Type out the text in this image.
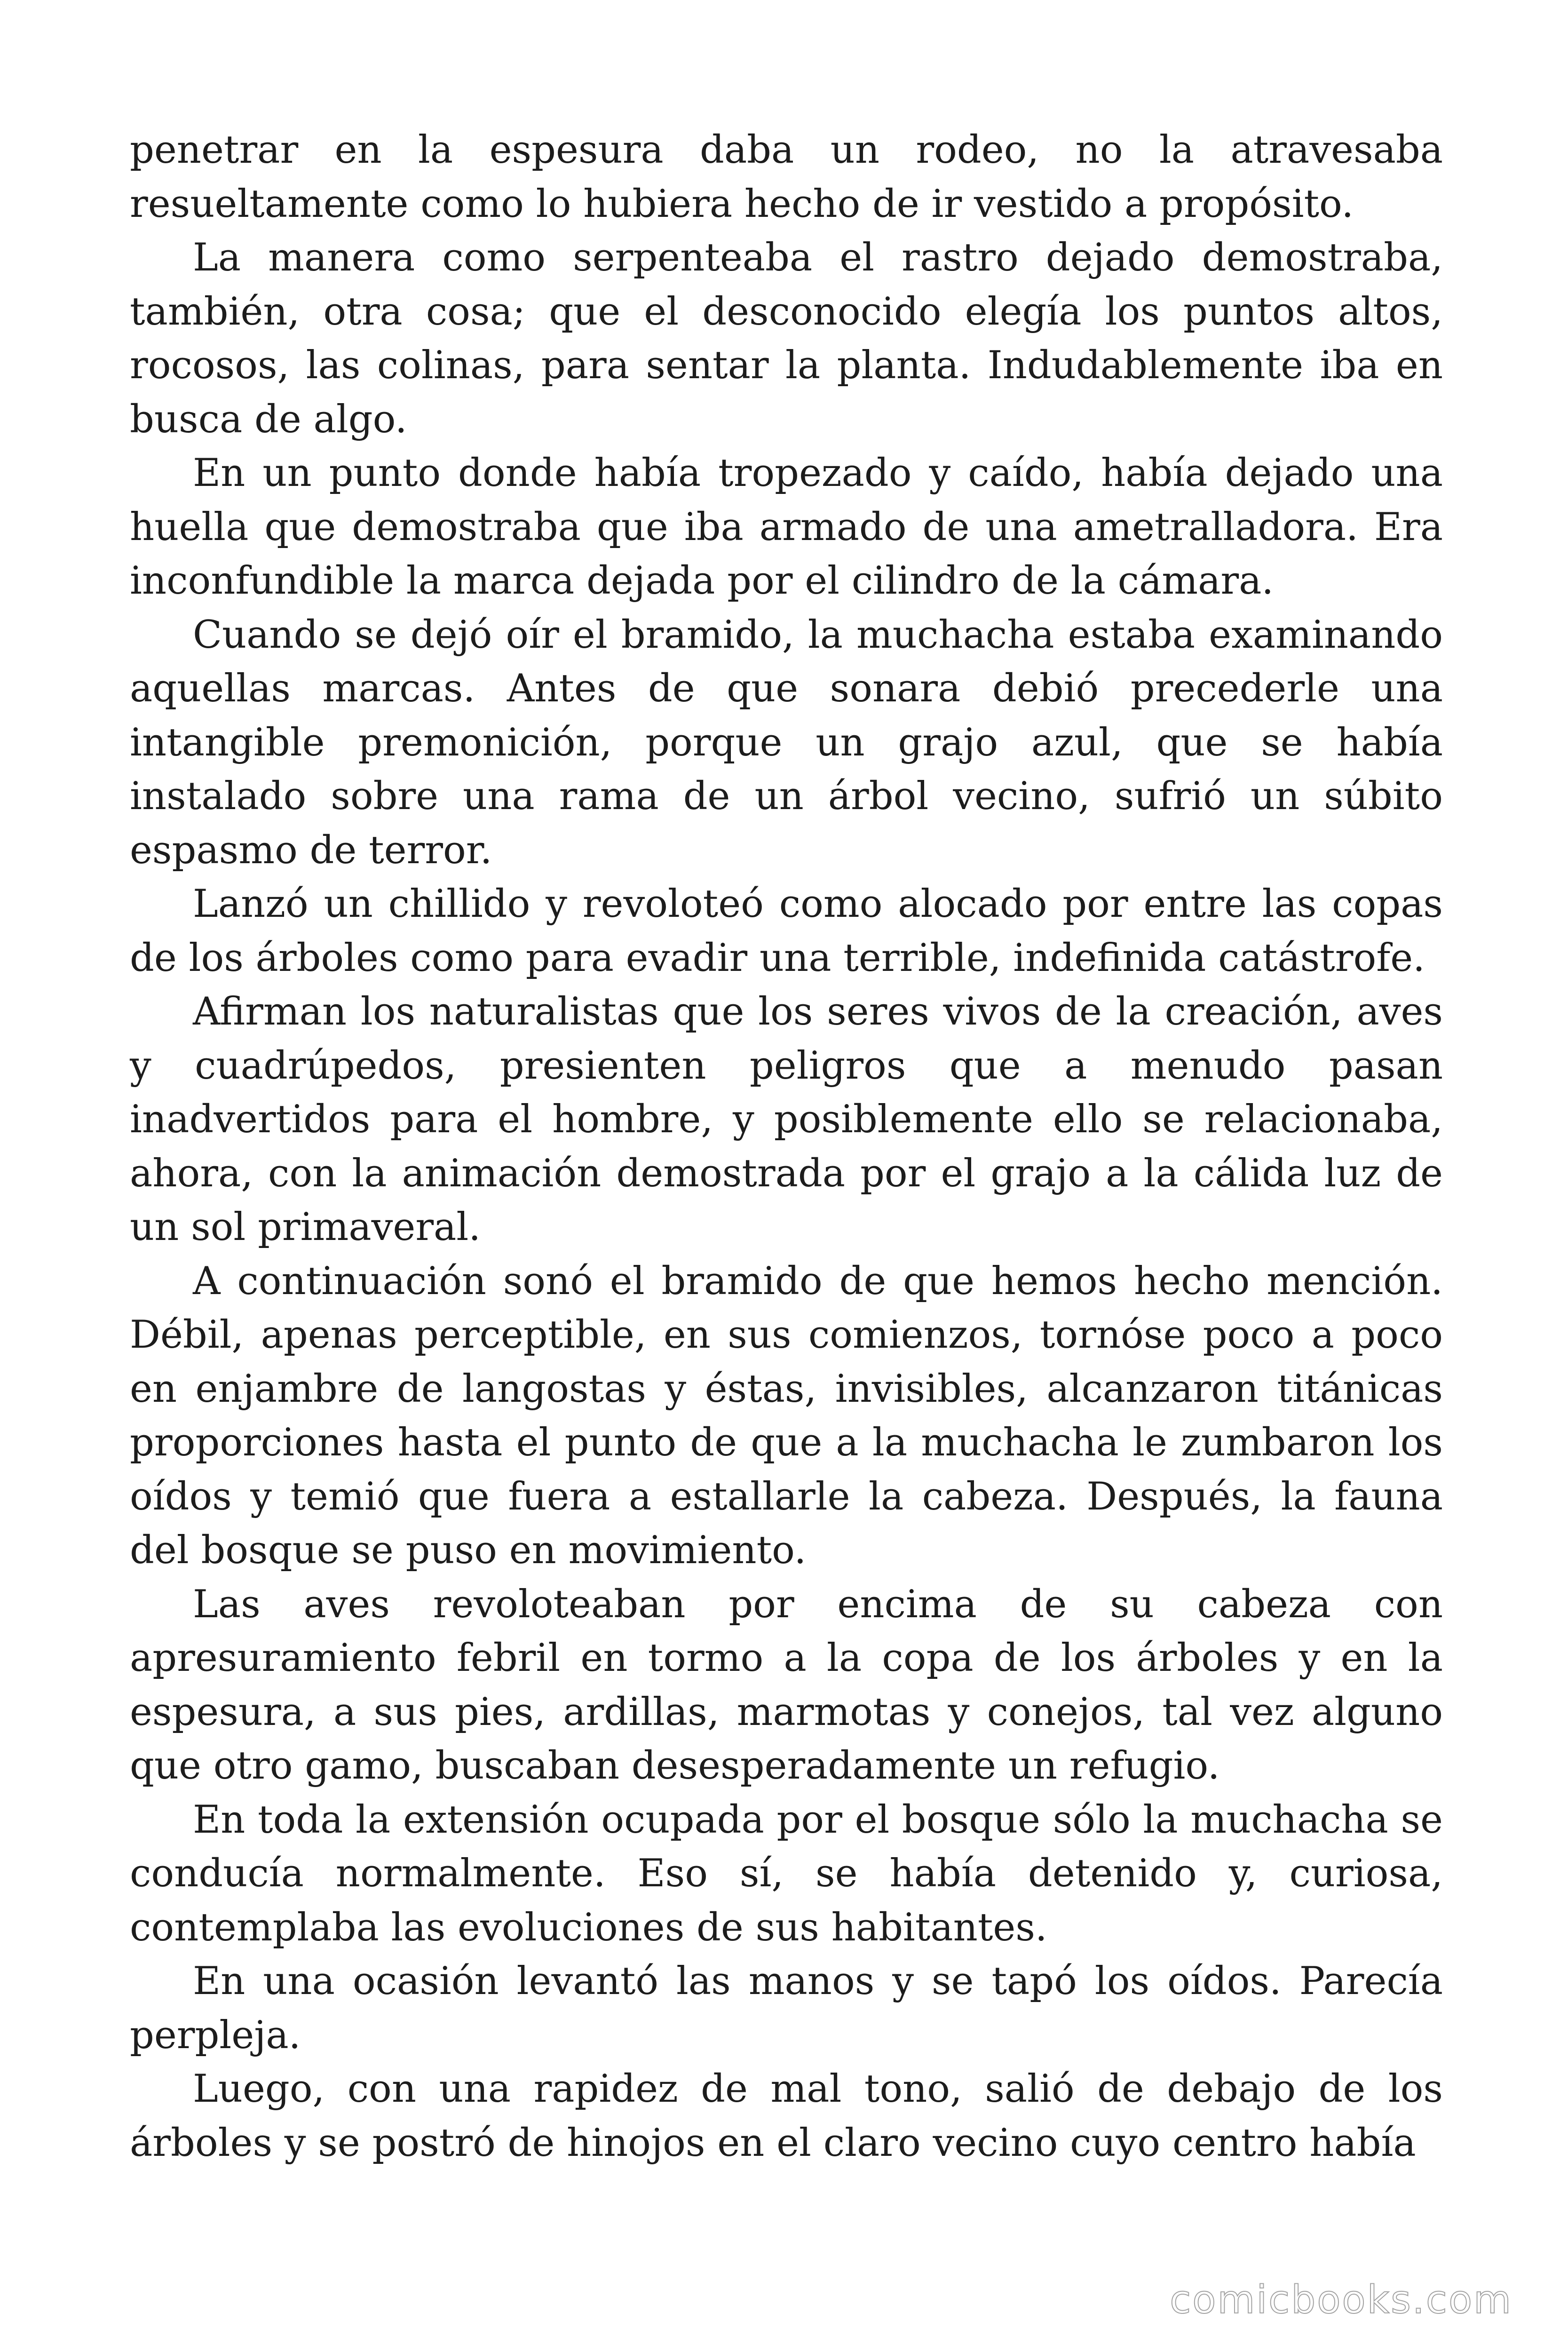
penetrar en la espesura daba un rodeo, no la atravesaba resueltamente como lo hubiera hecho de ir vestido a propósito.

La manera como serpenteaba el rastro dejado demostraba, también, otra cosa; que el desconocido elegía los puntos altos, rocosos, las colinas, para sentar la planta. Indudablemente iba en busca de algo.

En un punto donde había tropezado y caído, había dejado una huella que demostraba que iba armado de una ametralladora. Era inconfundible la marca dejada por el cilindro de la cámara.

Cuando se dejó oír el bramido, la muchacha estaba examinando aquellas marcas. Antes de que sonara debió precederle una intangible premonición, porque un grajo azul, que se había instalado sobre una rama de un árbol vecino, sufrió un súbito espasmo de terror.

Lanzó un chillido y revoloteó como alocado por entre las copas de los árboles como para evadir una terrible, indefinida catástrofe.

Afirman los naturalistas que los seres vivos de la creación, aves y cuadrúpedos, presienten peligros que a menudo pasan inadvertidos para el hombre, y posiblemente ello se relacionaba, ahora, con la animación demostrada por el grajo a la cálida luz de un sol primaveral.

A continuación sonó el bramido de que hemos hecho mención. Débil, apenas perceptible, en sus comienzos, tornóse poco a poco en enjambre de langostas y éstas, invisibles, alcanzaron titánicas proporciones hasta el punto de que a la muchacha le zumbaron los oídos y temió que fuera a estallarle la cabeza. Después, la fauna del bosque se puso en movimiento.

Las aves revoloteaban por encima de su cabeza con apresuramiento febril en tormo a la copa de los árboles y en la espesura, a sus pies, ardillas, marmotas y conejos, tal vez alguno que otro gamo, buscaban desesperadamente un refugio.

En toda la extensión ocupada por el bosque sólo la muchacha se conducía normalmente. Eso sí, se había detenido y, curiosa, contemplaba las evoluciones de sus habitantes.

En una ocasión levantó las manos y se tapó los oídos. Parecía perpleja.

Luego, con una rapidez de mal tono, salió de debajo de los árboles y se postró de hinojos en el claro vecino cuyo centro había

comicbooks.com
